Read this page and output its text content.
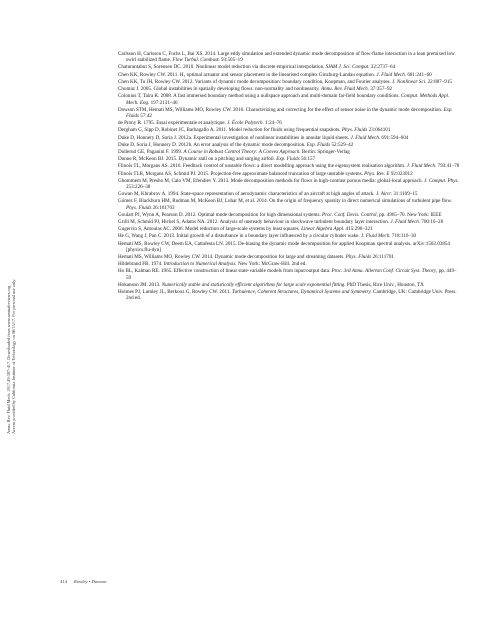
Annu. Rev. Fluid Mech. 2017.49:387-417. Downloaded from www.annualreviews.org Access provided by California Institute of Technology on 06/15/17. For personal use only.

Carlsson H, Carlsson C, Fuchs L, Bai XS. 2014. Large eddy simulation and extended dynamic mode decomposition of flow-flame interaction in a lean premixed low swirl stabilized flame. Flow Turbul. Combust. 93:505–19

Chaturantabut S, Sorensen DC. 2010. Nonlinear model reduction via discrete empirical interpolation. SIAM J. Sci. Comput. 32:2737–64

Chen KK, Rowley CW. 2011. H₂ optimal actuator and sensor placement in the linearised complex Ginzburg-Landau equation. J. Fluid Mech. 681:241–60

Chen KK, Tu JH, Rowley CW. 2012. Variants of dynamic mode decomposition: boundary condition, Koopman, and Fourier analyses. J. Nonlinear Sci. 22:887–915

Chomaz J. 2005. Global instabilities in spatially developing flows: non-normality and nonlinearity. Annu. Rev. Fluid Mech. 37:357–92

Colonius T, Taira K. 2008. A fast immersed boundary method using a nullspace approach and multi-domain far-field boundary conditions. Comput. Methods Appl. Mech. Eng. 197:2131–46

Dawson STM, Hemati MS, Williams MO, Rowley CW. 2016. Characterizing and correcting for the effect of sensor noise in the dynamic mode decomposition. Exp. Fluids 57:42

de Prony R. 1795. Essai expérimentale et analytique. J. École Polytech. 1:24–76

Dergham G, Sipp D, Robinet JC, Barbagallo A. 2011. Model reduction for fluids using frequential snapshots. Phys. Fluids 23:064101

Duke D, Honnery D, Soria J. 2012a. Experimental investigation of nonlinear instabilities in annular liquid sheets. J. Fluid Mech. 691:594–604

Duke D, Soria J, Honnery D. 2012b. An error analysis of the dynamic mode decomposition. Exp. Fluids 52:529–42

Dullerud GE, Paganini F. 1999. A Course in Robust Control Theory: A Convex Approach. Berlin: Springer-Verlag

Dunne R, McKeon BJ. 2015. Dynamic stall on a pitching and surging airfoil. Exp. Fluids 56:157

Flinois TL, Morgans AS. 2016. Feedback control of unstable flows: a direct modelling approach using the eigensystem realisation algorithm. J. Fluid Mech. 793:41–78

Flinois TLB, Morgans AS, Schmid PJ. 2015. Projection-free approximate balanced truncation of large unstable systems. Phys. Rev. E 92:023012

Ghommem M, Presho M, Calo VM, Efendiev Y. 2013. Mode decomposition methods for flows in high-contrast porous media: global-local approach. J. Comput. Phys. 253:226–38

Gowan M, Khrabrov A. 1994. State-space representation of aerodynamic characteristics of an aircraft at high angles of attack. J. Aircr. 31:1109–15

Gómez F, Blackburn HM, Rudman M, McKeon BJ, Luhar M, et al. 2014. On the origin of frequency sparsity in direct numerical simulations of turbulent pipe flow. Phys. Fluids 26:101703

Goulart PJ, Wynn A, Pearson D. 2012. Optimal mode decomposition for high dimensional systems. Proc. Conf. Decis. Control, pp. 4965–70. New York: IEEE

Grilli M, Schmid PJ, Hickel S, Adams NA. 2012. Analysis of unsteady behaviour in shockwave turbulent boundary layer interaction. J. Fluid Mech. 700:16–28

Gugercin S, Antoulas AC. 2006. Model reduction of large-scale systems by least squares. Linear Algebra Appl. 415:290–321

He G, Wang J, Pan C. 2013. Initial growth of a disturbance in a boundary layer influenced by a circular cylinder wake. J. Fluid Mech. 718:116–30

Hemati MS, Rowley CW, Deem EA, Cattafesta LN. 2015. De-biasing the dynamic mode decomposition for applied Koopman spectral analysis. arXiv:1502.03854 [physics.flu-dyn]

Hemati MS, Williams MO, Rowley CW. 2014. Dynamic mode decomposition for large and streaming datasets. Phys. Fluids 26:111701

Hildebrand FB. 1974. Introduction to Numerical Analysis. New York: McGraw-Hill. 2nd ed.

Ho BL, Kalman RE. 1965. Effective construction of linear state-variable models from input/output data. Proc. 3rd Annu. Allerton Conf. Circuit Syst. Theory, pp. 449–59

Hokanson JM. 2013. Numerically stable and statistically efficient algorithms for large scale exponential fitting. PhD Thesis, Rice Univ., Houston, TX

Holmes PJ, Lumley JL, Berkooz G, Rowley CW. 2011. Turbulence, Coherent Structures, Dynamical Systems and Symmetry. Cambridge, UK: Cambridge Univ. Press. 2nd ed.

414 Rowley • Dawson
